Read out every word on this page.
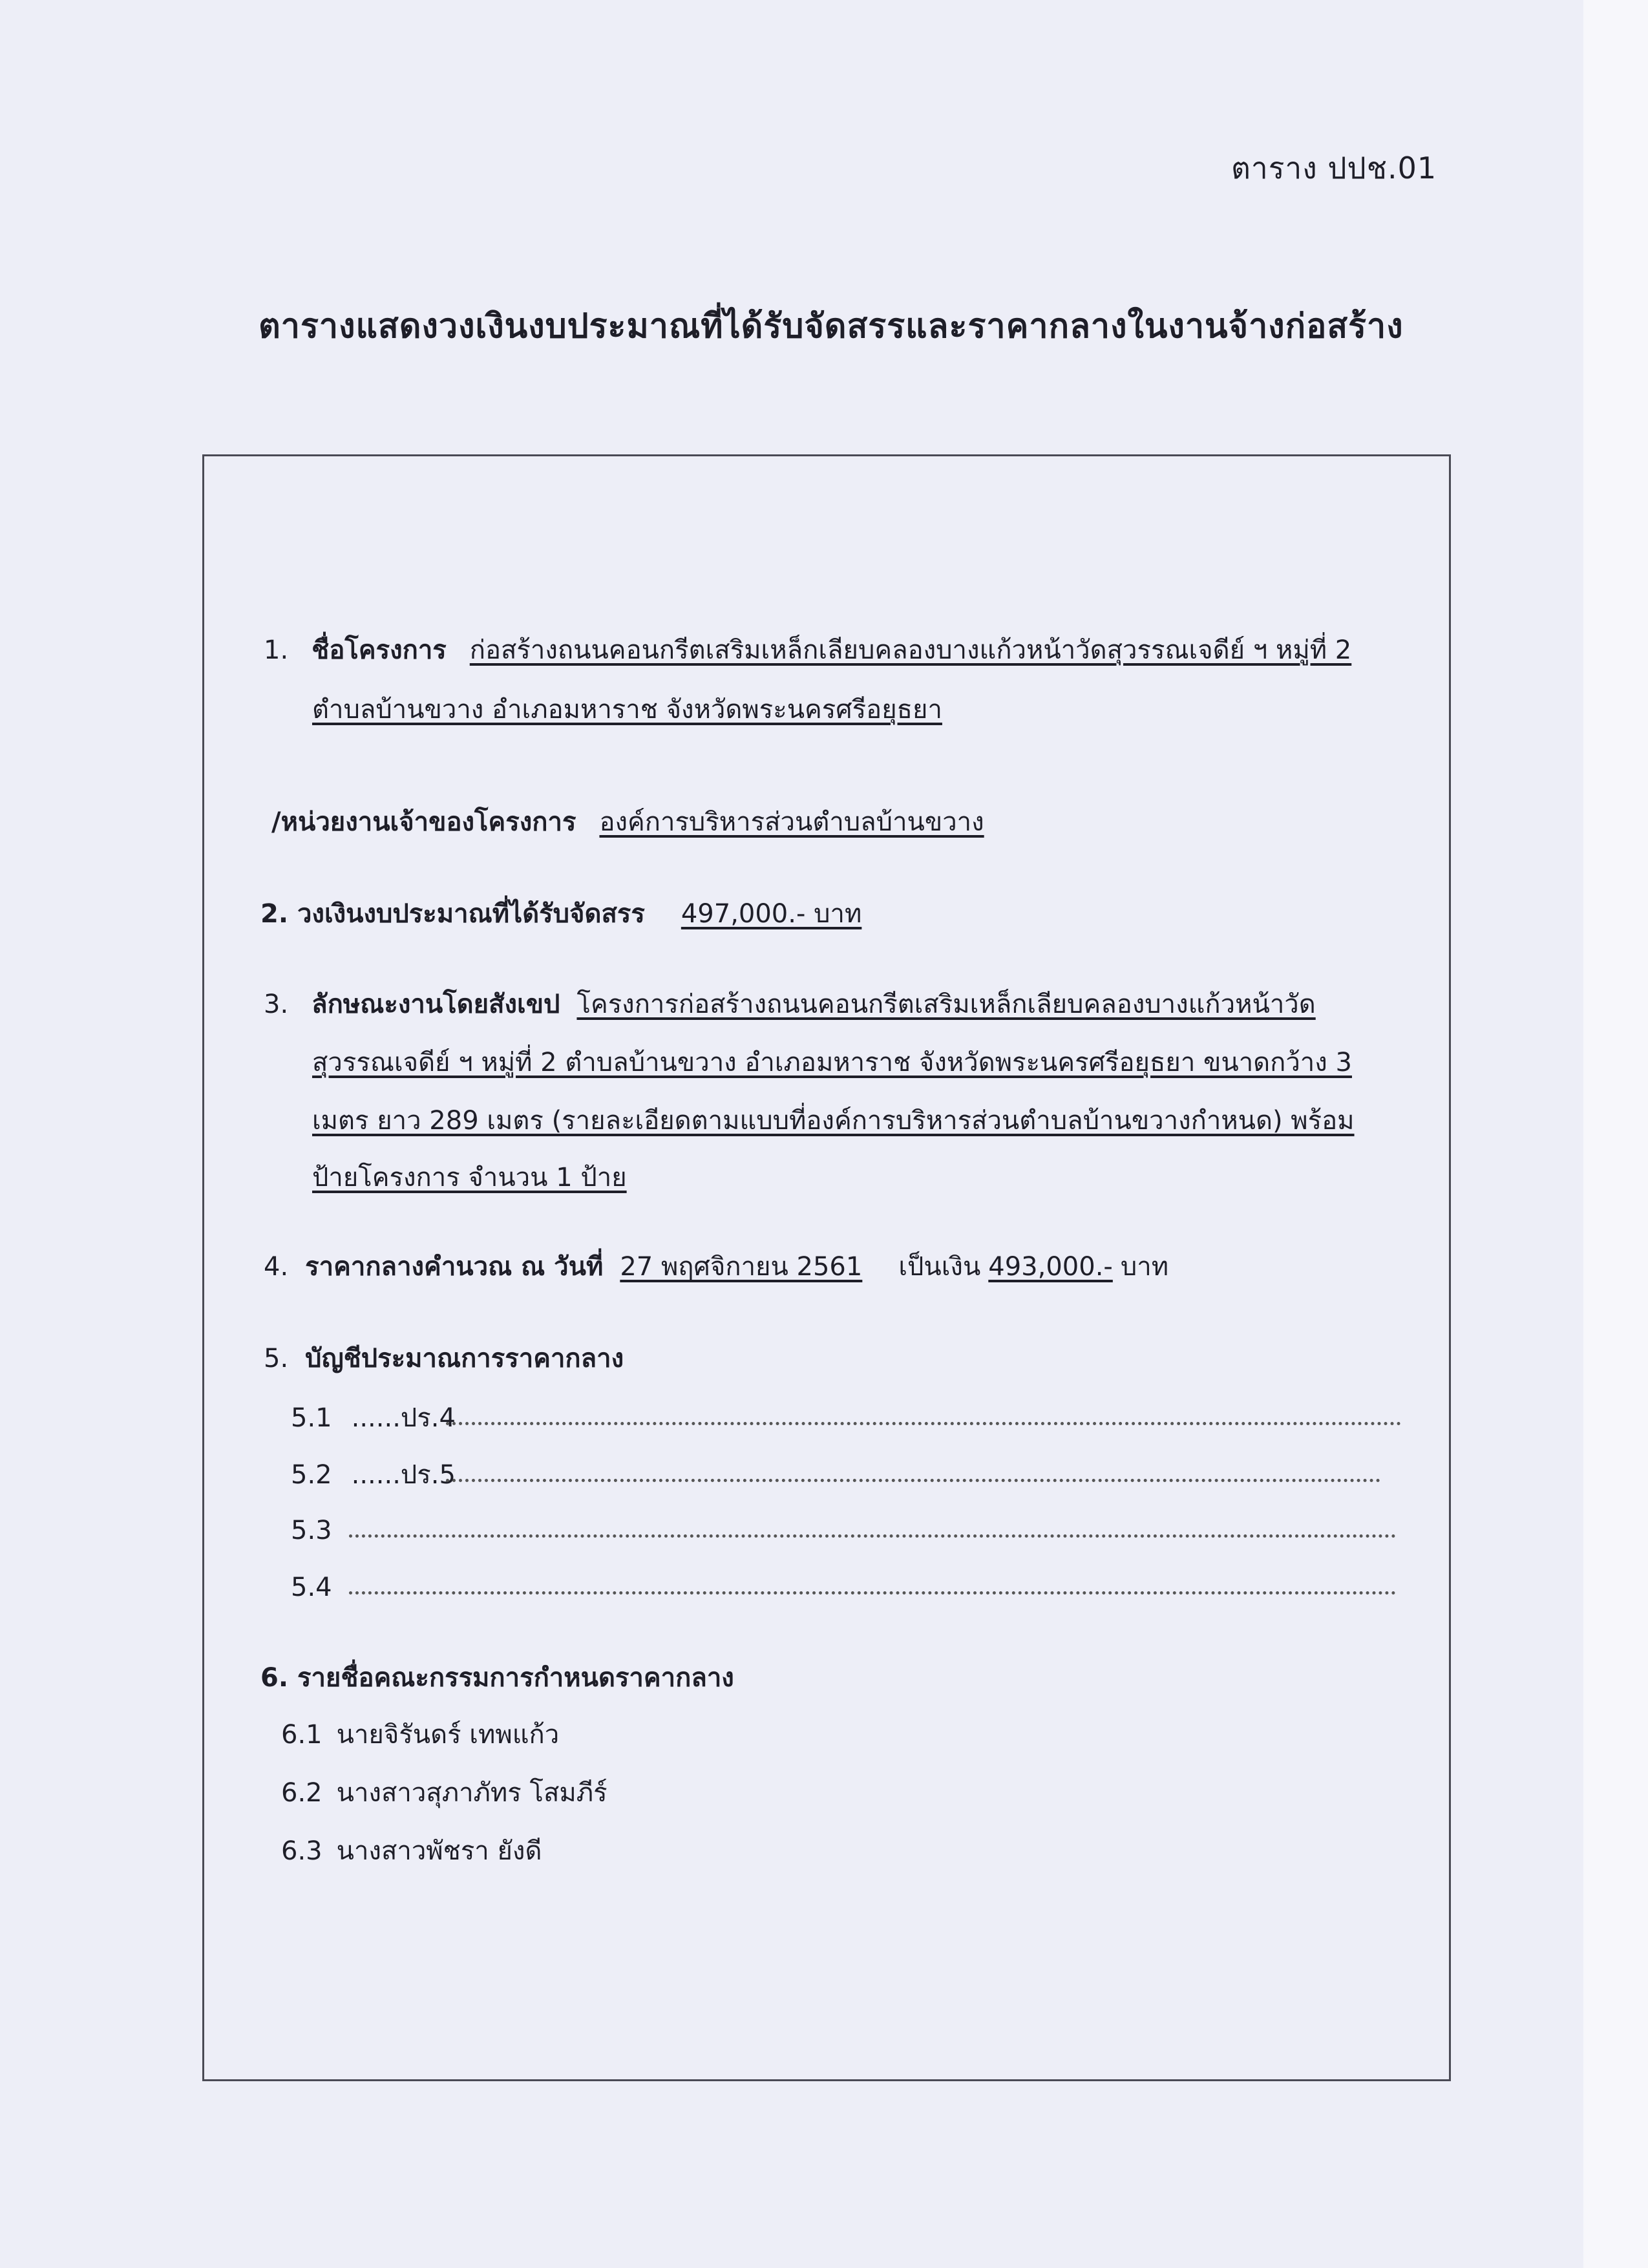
ตาราง ปปช.01
ตารางแสดงวงเงินงบประมาณที่ได้รับจัดสรรและราคากลางในงานจ้างก่อสร้าง
1. ชื่อโครงการ ก่อสร้างถนนคอนกรีตเสริมเหล็กเลียบคลองบางแก้วหน้าวัดสุวรรณเจดีย์ ฯ หมู่ที่ 2
ตำบลบ้านขวาง อำเภอมหาราช จังหวัดพระนครศรีอยุธยา
/หน่วยงานเจ้าของโครงการ องค์การบริหารส่วนตำบลบ้านขวาง
2. วงเงินงบประมาณที่ได้รับจัดสรร 497,000.- บาท
3. ลักษณะงานโดยสังเขป โครงการก่อสร้างถนนคอนกรีตเสริมเหล็กเลียบคลองบางแก้วหน้าวัด
สุวรรณเจดีย์ ฯ หมู่ที่ 2 ตำบลบ้านขวาง อำเภอมหาราช จังหวัดพระนครศรีอยุธยา ขนาดกว้าง 3
เมตร ยาว 289 เมตร (รายละเอียดตามแบบที่องค์การบริหารส่วนตำบลบ้านขวางกำหนด) พร้อม
ป้ายโครงการ จำนวน 1 ป้าย
4. ราคากลางคำนวณ ณ วันที่ 27 พฤศจิกายน 2561 เป็นเงิน 493,000.- บาท
5. บัญชีประมาณการราคากลาง
5.1 ......ปร.4
5.2 ......ปร.5
5.3
5.4
6. รายชื่อคณะกรรมการกำหนดราคากลาง
6.1 นายจิรันดร์ เทพแก้ว
6.2 นางสาวสุภาภัทร โสมภีร์
6.3 นางสาวพัชรา ยังดี
